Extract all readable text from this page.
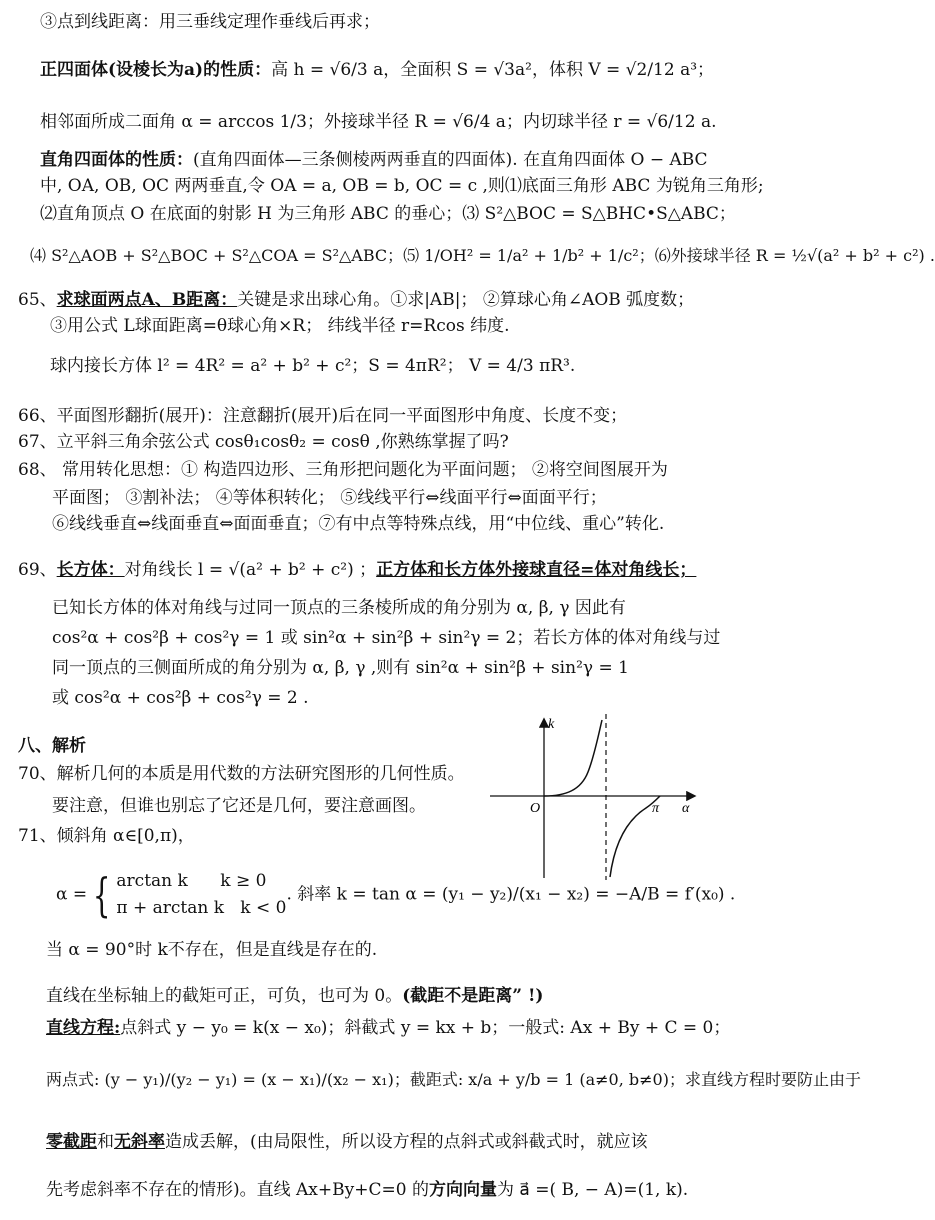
③点到线距离：用三垂线定理作垂线后再求；
正四面体(设棱长为a)的性质：高 h = √6/3 a，全面积 S = √3a²，体积 V = √2/12 a³；
相邻面所成二面角 α = arccos 1/3；外接球半径 R = √6/4 a；内切球半径 r = √6/12 a.
直角四面体的性质：(直角四面体—三条侧棱两两垂直的四面体). 在直角四面体 O − ABC
中, OA, OB, OC 两两垂直,令 OA = a, OB = b, OC = c ,则⑴底面三角形 ABC 为锐角三角形;
⑵直角顶点 O 在底面的射影 H 为三角形 ABC 的垂心；⑶ S²△BOC = S△BHC•S△ABC；
⑷ S²△AOB + S²△BOC + S²△COA = S²△ABC；⑸ 1/OH² = 1/a² + 1/b² + 1/c²；⑹外接球半径 R = ½√(a² + b² + c²) .
65、求球面两点A、B距离：关键是求出球心角。①求|AB|； ②算球心角∠AOB 弧度数；
③用公式 L球面距离=θ球心角×R； 纬线半径 r=Rcos 纬度.
球内接长方体 l² = 4R² = a² + b² + c²；S = 4πR²； V = 4/3 πR³.
66、平面图形翻折(展开)：注意翻折(展开)后在同一平面图形中角度、长度不变；
67、立平斜三角余弦公式 cosθ₁cosθ₂ = cosθ ,你熟练掌握了吗?
68、 常用转化思想：① 构造四边形、三角形把问题化为平面问题； ②将空间图展开为
平面图； ③割补法； ④等体积转化； ⑤线线平行⇔线面平行⇔面面平行；
⑥线线垂直⇔线面垂直⇔面面垂直；⑦有中点等特殊点线，用“中位线、重心”转化.
69、长方体：对角线长 l = √(a² + b² + c²) ；正方体和长方体外接球直径=体对角线长；
已知长方体的体对角线与过同一顶点的三条棱所成的角分别为 α, β, γ 因此有
cos²α + cos²β + cos²γ = 1 或 sin²α + sin²β + sin²γ = 2；若长方体的体对角线与过
同一顶点的三侧面所成的角分别为 α, β, γ ,则有 sin²α + sin²β + sin²γ = 1
或 cos²α + cos²β + cos²γ = 2 .
八、解析
70、解析几何的本质是用代数的方法研究图形的几何性质。
要注意，但谁也别忘了它还是几何，要注意画图。
k
O	π α
71、倾斜角 α∈[0,π)，
α = { arctan k      k ≥ 0
π + arctan k   k < 0
. 斜率 k = tan α = (y₁ − y₂)/(x₁ − x₂) = −A/B = f′(x₀) .
当 α = 90°时 k不存在，但是直线是存在的.
直线在坐标轴上的截矩可正，可负，也可为 0。(截距不是距离” !)
直线方程:点斜式 y − y₀ = k(x − x₀)；斜截式 y = kx + b；一般式: Ax + By + C = 0；
两点式: (y − y₁)/(y₂ − y₁) = (x − x₁)/(x₂ − x₁)；截距式: x/a + y/b = 1 (a≠0, b≠0)；求直线方程时要防止由于
零截距和无斜率造成丢解，(由局限性，所以设方程的点斜式或斜截式时，就应该
先考虑斜率不存在的情形)。直线 Ax+By+C=0 的方向向量为 a⃗ =( B, − A)=(1, k).
